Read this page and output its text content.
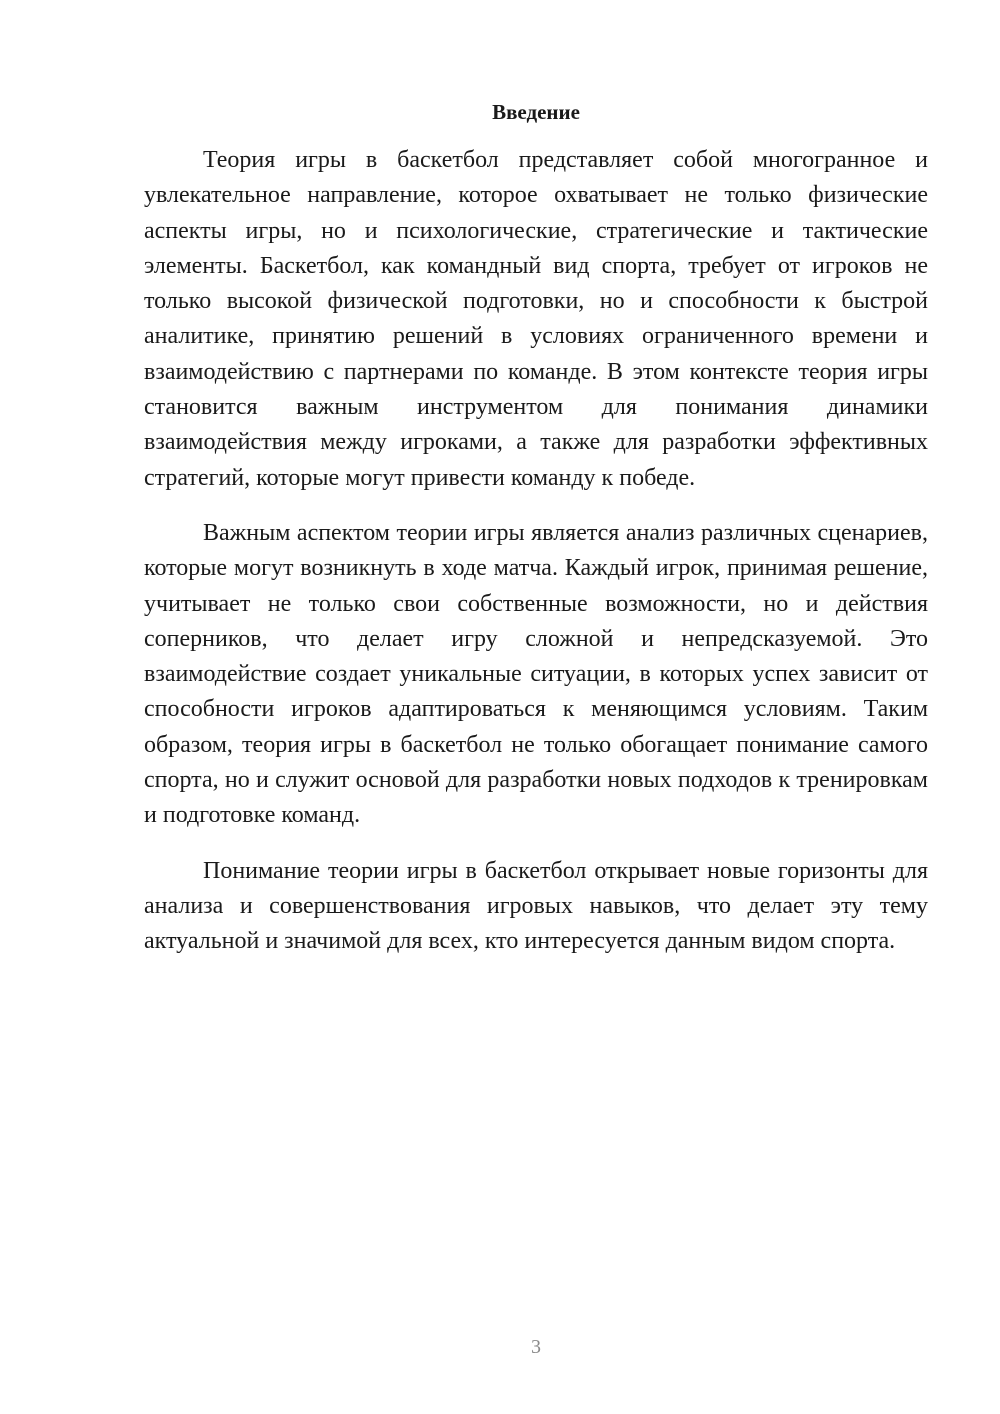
Введение

Теория игры в баскетбол представляет собой многогранное и увлекательное направление, которое охватывает не только физические аспекты игры, но и психологические, стратегические и тактические элементы. Баскетбол, как командный вид спорта, требует от игроков не только высокой физической подготовки, но и способности к быстрой аналитике, принятию решений в условиях ограниченного времени и взаимодействию с партнерами по команде. В этом контексте теория игры становится важным инструментом для понимания динамики взаимодействия между игроками, а также для разработки эффективных стратегий, которые могут привести команду к победе.

Важным аспектом теории игры является анализ различных сценариев, которые могут возникнуть в ходе матча. Каждый игрок, принимая решение, учитывает не только свои собственные возможности, но и действия соперников, что делает игру сложной и непредсказуемой. Это взаимодействие создает уникальные ситуации, в которых успех зависит от способности игроков адаптироваться к меняющимся условиям. Таким образом, теория игры в баскетбол не только обогащает понимание самого спорта, но и служит основой для разработки новых подходов к тренировкам и подготовке команд.

Понимание теории игры в баскетбол открывает новые горизонты для анализа и совершенствования игровых навыков, что делает эту тему актуальной и значимой для всех, кто интересуется данным видом спорта.

3
